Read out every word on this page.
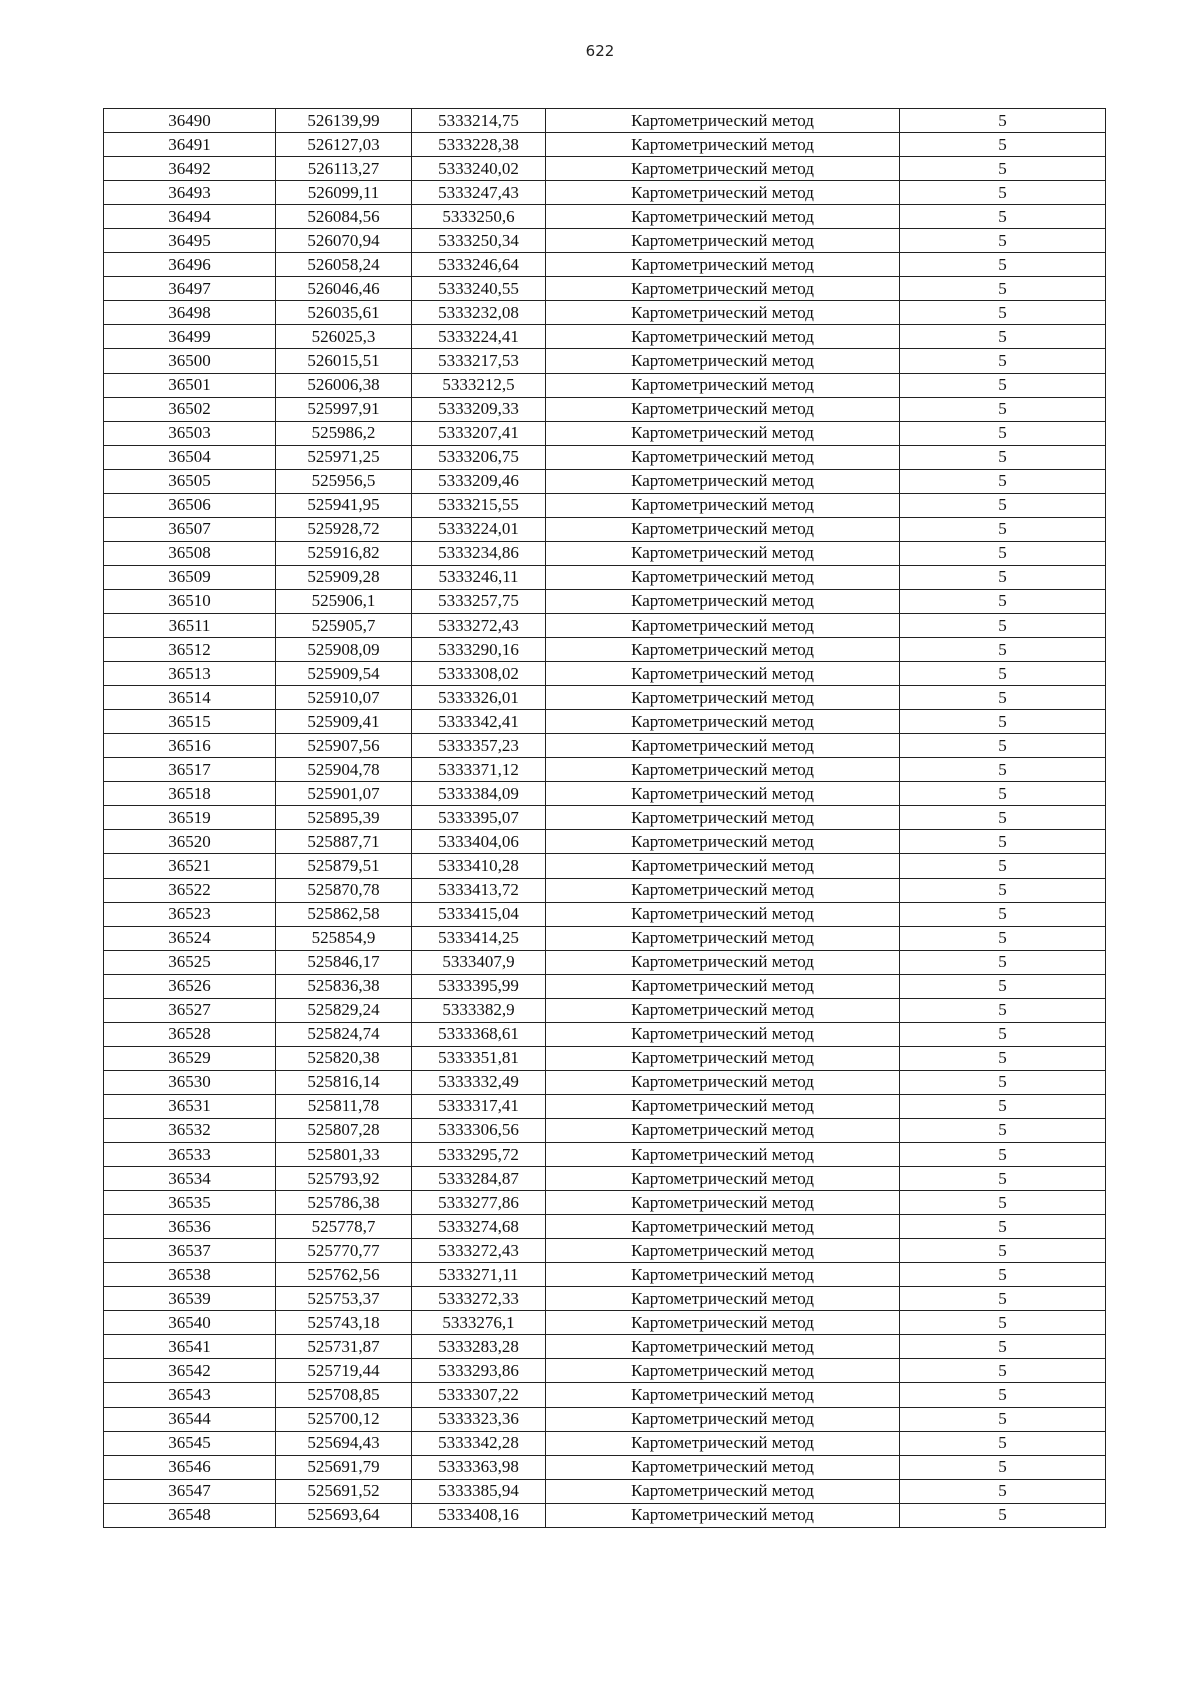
622
36490	526139,99	5333214,75	Картометрический метод	5
36491	526127,03	5333228,38	Картометрический метод	5
36492	526113,27	5333240,02	Картометрический метод	5
36493	526099,11	5333247,43	Картометрический метод	5
36494	526084,56	5333250,6	Картометрический метод	5
36495	526070,94	5333250,34	Картометрический метод	5
36496	526058,24	5333246,64	Картометрический метод	5
36497	526046,46	5333240,55	Картометрический метод	5
36498	526035,61	5333232,08	Картометрический метод	5
36499	526025,3	5333224,41	Картометрический метод	5
36500	526015,51	5333217,53	Картометрический метод	5
36501	526006,38	5333212,5	Картометрический метод	5
36502	525997,91	5333209,33	Картометрический метод	5
36503	525986,2	5333207,41	Картометрический метод	5
36504	525971,25	5333206,75	Картометрический метод	5
36505	525956,5	5333209,46	Картометрический метод	5
36506	525941,95	5333215,55	Картометрический метод	5
36507	525928,72	5333224,01	Картометрический метод	5
36508	525916,82	5333234,86	Картометрический метод	5
36509	525909,28	5333246,11	Картометрический метод	5
36510	525906,1	5333257,75	Картометрический метод	5
36511	525905,7	5333272,43	Картометрический метод	5
36512	525908,09	5333290,16	Картометрический метод	5
36513	525909,54	5333308,02	Картометрический метод	5
36514	525910,07	5333326,01	Картометрический метод	5
36515	525909,41	5333342,41	Картометрический метод	5
36516	525907,56	5333357,23	Картометрический метод	5
36517	525904,78	5333371,12	Картометрический метод	5
36518	525901,07	5333384,09	Картометрический метод	5
36519	525895,39	5333395,07	Картометрический метод	5
36520	525887,71	5333404,06	Картометрический метод	5
36521	525879,51	5333410,28	Картометрический метод	5
36522	525870,78	5333413,72	Картометрический метод	5
36523	525862,58	5333415,04	Картометрический метод	5
36524	525854,9	5333414,25	Картометрический метод	5
36525	525846,17	5333407,9	Картометрический метод	5
36526	525836,38	5333395,99	Картометрический метод	5
36527	525829,24	5333382,9	Картометрический метод	5
36528	525824,74	5333368,61	Картометрический метод	5
36529	525820,38	5333351,81	Картометрический метод	5
36530	525816,14	5333332,49	Картометрический метод	5
36531	525811,78	5333317,41	Картометрический метод	5
36532	525807,28	5333306,56	Картометрический метод	5
36533	525801,33	5333295,72	Картометрический метод	5
36534	525793,92	5333284,87	Картометрический метод	5
36535	525786,38	5333277,86	Картометрический метод	5
36536	525778,7	5333274,68	Картометрический метод	5
36537	525770,77	5333272,43	Картометрический метод	5
36538	525762,56	5333271,11	Картометрический метод	5
36539	525753,37	5333272,33	Картометрический метод	5
36540	525743,18	5333276,1	Картометрический метод	5
36541	525731,87	5333283,28	Картометрический метод	5
36542	525719,44	5333293,86	Картометрический метод	5
36543	525708,85	5333307,22	Картометрический метод	5
36544	525700,12	5333323,36	Картометрический метод	5
36545	525694,43	5333342,28	Картометрический метод	5
36546	525691,79	5333363,98	Картометрический метод	5
36547	525691,52	5333385,94	Картометрический метод	5
36548	525693,64	5333408,16	Картометрический метод	5
